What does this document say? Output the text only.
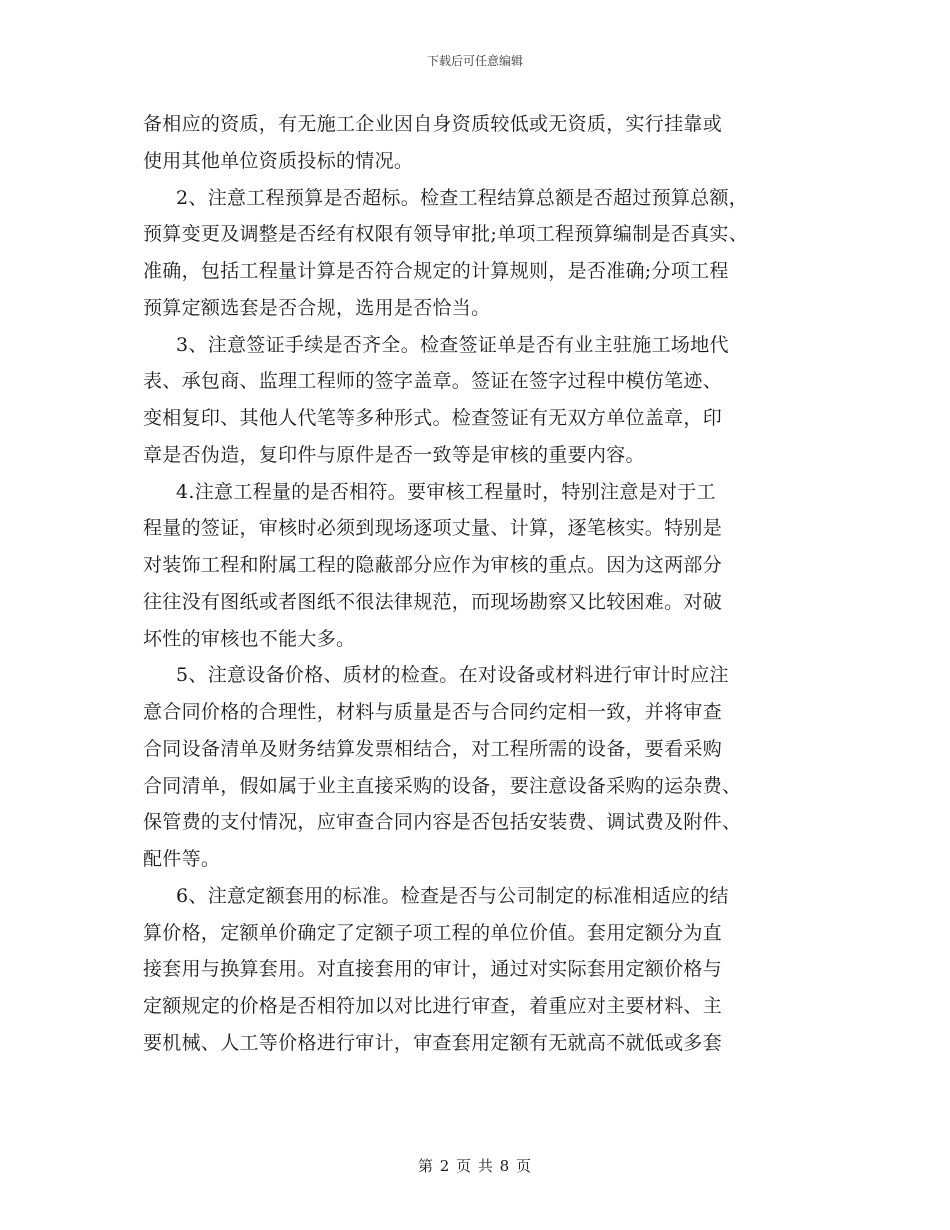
下载后可任意编辑
备相应的资质，有无施工企业因自身资质较低或无资质，实行挂靠或
使用其他单位资质投标的情况。
2、注意工程预算是否超标。检查工程结算总额是否超过预算总额，
预算变更及调整是否经有权限有领导审批;单项工程预算编制是否真实、
准确，包括工程量计算是否符合规定的计算规则，是否准确;分项工程
预算定额选套是否合规，选用是否恰当。
3、注意签证手续是否齐全。检查签证单是否有业主驻施工场地代
表、承包商、监理工程师的签字盖章。签证在签字过程中模仿笔迹、
变相复印、其他人代笔等多种形式。检查签证有无双方单位盖章，印
章是否伪造，复印件与原件是否一致等是审核的重要内容。
4.注意工程量的是否相符。要审核工程量时，特别注意是对于工
程量的签证，审核时必须到现场逐项丈量、计算，逐笔核实。特别是
对装饰工程和附属工程的隐蔽部分应作为审核的重点。因为这两部分
往往没有图纸或者图纸不很法律规范，而现场勘察又比较困难。对破
坏性的审核也不能大多。
5、注意设备价格、质材的检查。在对设备或材料进行审计时应注
意合同价格的合理性，材料与质量是否与合同约定相一致，并将审查
合同设备清单及财务结算发票相结合，对工程所需的设备，要看采购
合同清单，假如属于业主直接采购的设备，要注意设备采购的运杂费、
保管费的支付情况，应审查合同内容是否包括安装费、调试费及附件、
配件等。
6、注意定额套用的标准。检查是否与公司制定的标准相适应的结
算价格，定额单价确定了定额子项工程的单位价值。套用定额分为直
接套用与换算套用。对直接套用的审计，通过对实际套用定额价格与
定额规定的价格是否相符加以对比进行审查，着重应对主要材料、主
要机械、人工等价格进行审计，审查套用定额有无就高不就低或多套
第 2 页 共 8 页
